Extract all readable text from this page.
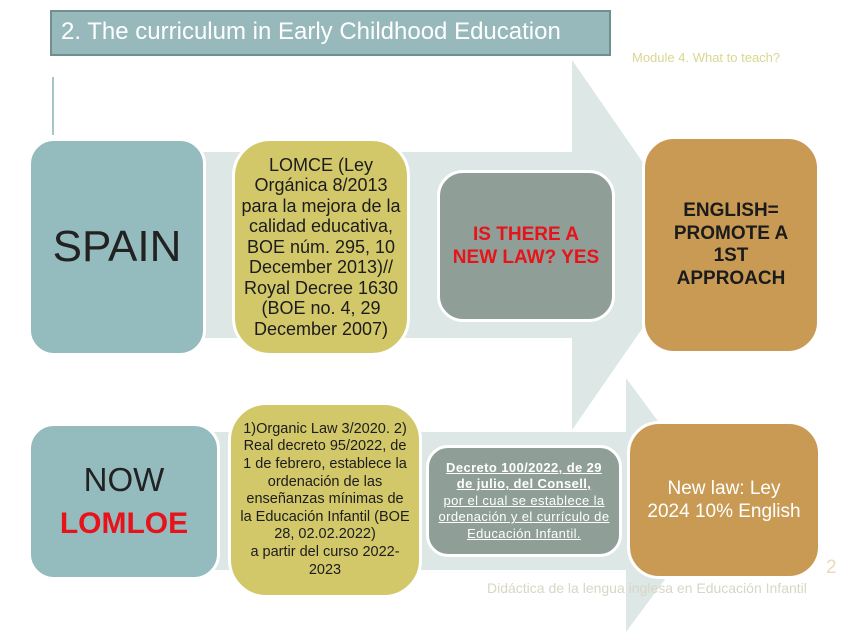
2. The curriculum in Early Childhood Education
Module 4. What to teach?
SPAIN
LOMCE (Ley Orgánica 8/2013 para la mejora de la calidad educativa, BOE núm. 295, 10 December 2013)// Royal Decree 1630 (BOE no. 4, 29 December 2007)
IS THERE A NEW LAW? YES
ENGLISH= PROMOTE A 1ST APPROACH
NOW
LOMLOE
1)Organic Law 3/2020. 2) Real decreto 95/2022, de 1 de febrero, establece la ordenación de las enseñanzas mínimas de la Educación Infantil (BOE 28, 02.02.2022)
a partir del curso 2022-2023
Decreto 100/2022, de 29 de julio, del Consell,
por el cual se establece la ordenación y el currículo de Educación Infantil.
New law: Ley 2024 10% English
2
Didáctica de la lengua inglesa en Educación Infantil
